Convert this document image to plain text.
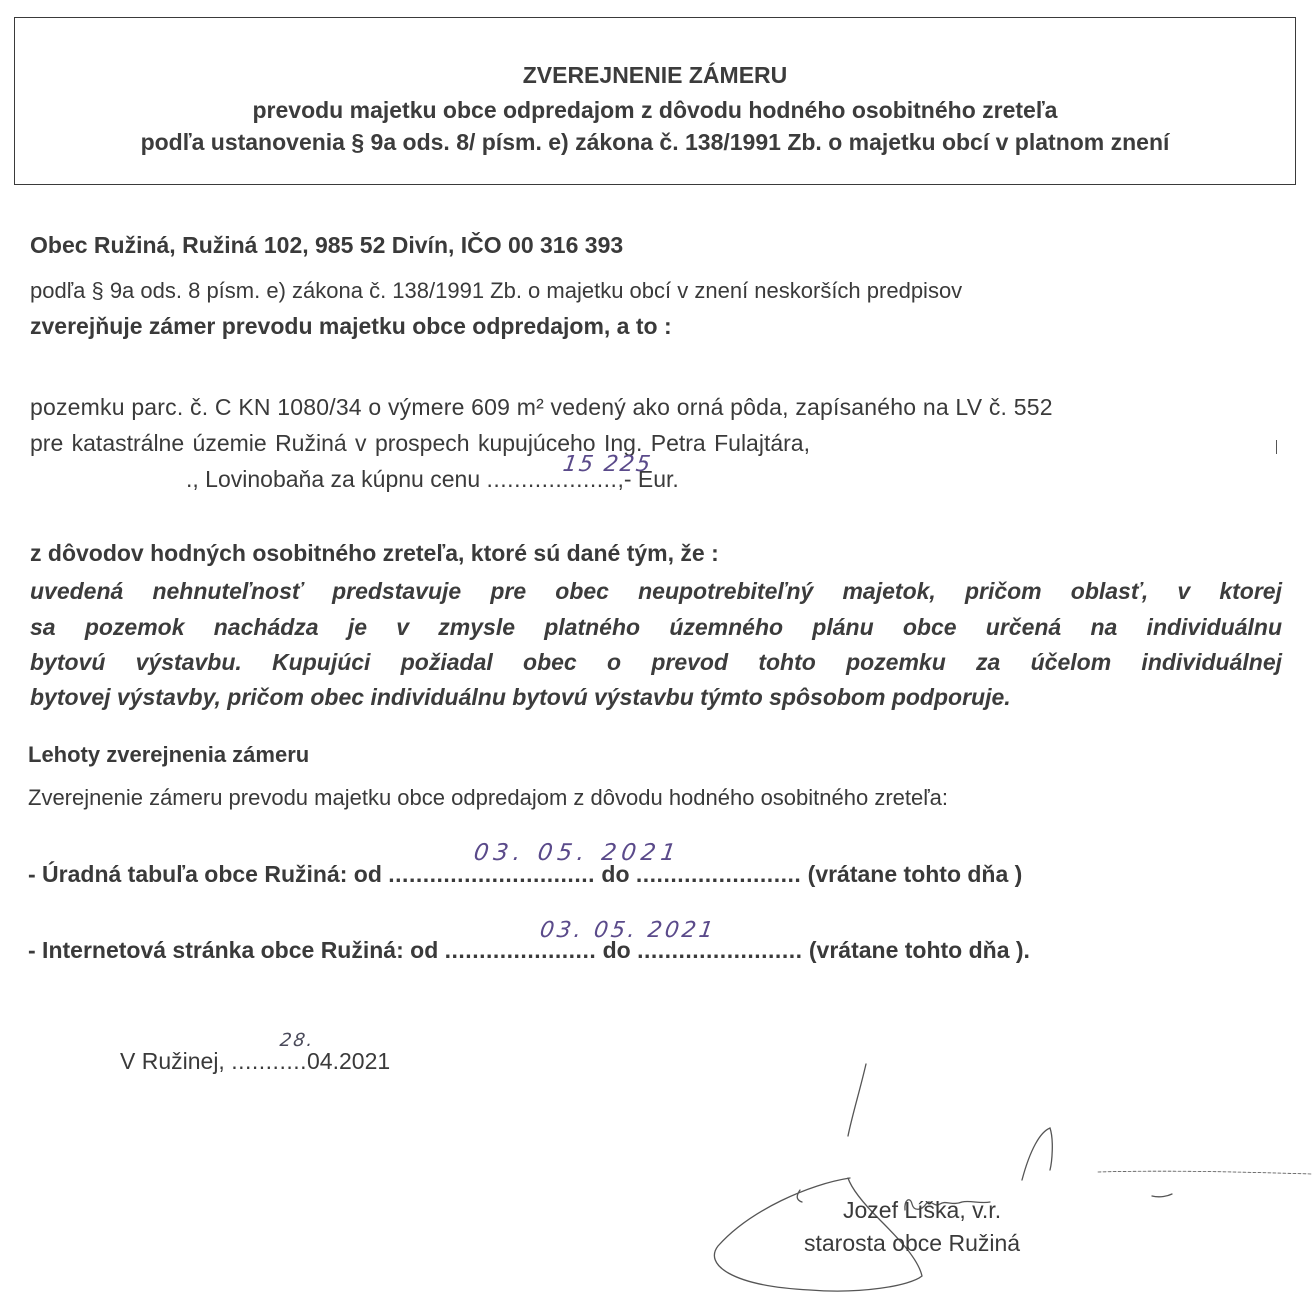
ZVEREJNENIE ZÁMERU
prevodu majetku obce odpredajom z dôvodu hodného osobitného zreteľa
podľa ustanovenia § 9a ods. 8/ písm. e) zákona č. 138/1991 Zb. o majetku obcí v platnom znení
Obec Ružiná, Ružiná 102, 985 52 Divín, IČO 00 316 393
podľa § 9a ods. 8 písm. e) zákona č. 138/1991 Zb. o majetku obcí v znení neskorších predpisov
zverejňuje zámer prevodu majetku obce odpredajom, a to :
pozemku parc. č. C KN 1080/34 o výmere 609 m² vedený ako orná pôda, zapísaného na LV č. 552
pre katastrálne územie Ružiná v prospech kupujúceho Ing. Petra Fulajtára,
., Lovinobaňa za kúpnu cenu ...................,- Eur.
15 225
z dôvodov hodných osobitného zreteľa, ktoré sú dané tým, že :
uvedená nehnuteľnosť predstavuje pre obec neupotrebiteľný majetok, pričom oblasť, v ktorej
sa pozemok nachádza je v zmysle platného územného plánu obce určená na individuálnu
bytovú výstavbu. Kupujúci požiadal obec o prevod tohto pozemku za účelom individuálnej
bytovej výstavby, pričom obec individuálnu bytovú výstavbu týmto spôsobom podporuje.
Lehoty zverejnenia zámeru
Zverejnenie zámeru prevodu majetku obce odpredajom z dôvodu hodného osobitného zreteľa:
- Úradná tabuľa obce Ružiná: od .............................. do ........................ (vrátane tohto dňa )
03. 05. 2021
- Internetová stránka obce Ružiná: od ...................... do ........................ (vrátane tohto dňa ).
03. 05. 2021
V Ružinej, ...........04.2021
28.
Jozef Líška, v.r.
starosta obce Ružiná
